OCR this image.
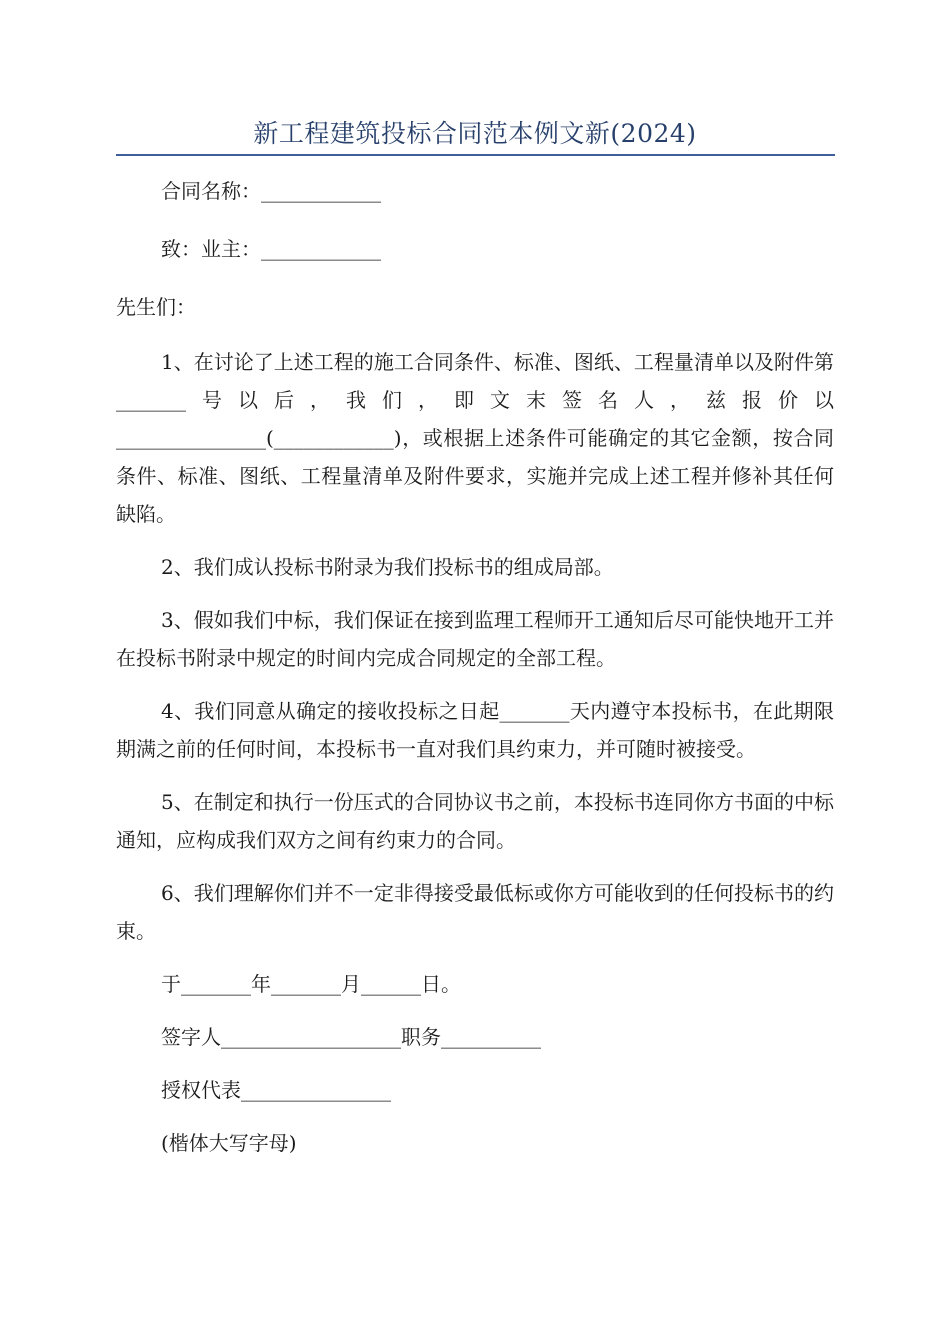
新工程建筑投标合同范本例文新(2024)

合同名称：____________

致：业主：____________

先生们：

1、在讨论了上述工程的施工合同条件、标准、图纸、工程量清单以及附件第_______号以后，我们，即文末签名人，兹报价以_______________(____________)，或根据上述条件可能确定的其它金额，按合同条件、标准、图纸、工程量清单及附件要求，实施并完成上述工程并修补其任何缺陷。

2、我们成认投标书附录为我们投标书的组成局部。

3、假如我们中标，我们保证在接到监理工程师开工通知后尽可能快地开工并在投标书附录中规定的时间内完成合同规定的全部工程。

4、我们同意从确定的接收投标之日起_______天内遵守本投标书，在此期限期满之前的任何时间，本投标书一直对我们具约束力，并可随时被接受。

5、在制定和执行一份压式的合同协议书之前，本投标书连同你方书面的中标通知，应构成我们双方之间有约束力的合同。

6、我们理解你们并不一定非得接受最低标或你方可能收到的任何投标书的约束。

于_______年_______月______日。

签字人__________________职务__________

授权代表_______________

(楷体大写字母)
